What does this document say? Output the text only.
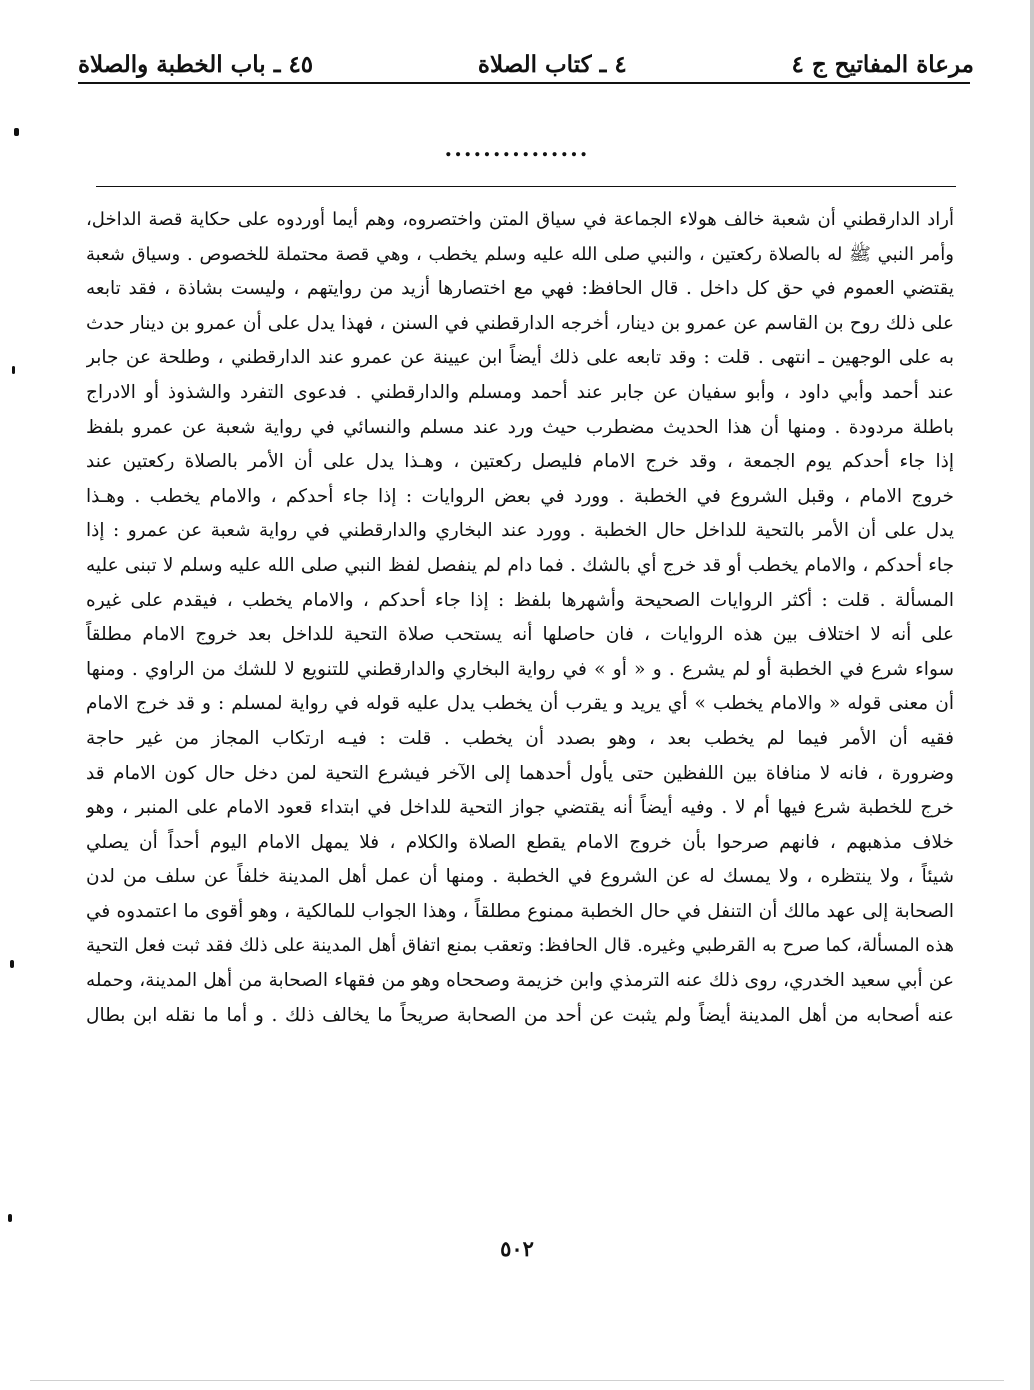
مرعاة المفاتيح ج ٤
٤ ـ كتاب الصلاة
٤٥ ـ باب الخطبة والصلاة
...............
أراد الدارقطني أن شعبة خالف هولاء الجماعة في سياق المتن واختصروه، وهم أيما أوردوه على حكاية قصة الداخل،
وأمر النبي ﷺ له بالصلاة ركعتين ، والنبي صلى الله عليه وسلم يخطب ، وهي قصة محتملة للخصوص . وسياق شعبة
يقتضي العموم في حق كل داخل . قال الحافظ: فهي مع اختصارها أزيد من روايتهم ، وليست بشاذة ، فقد تابعه
على ذلك روح بن القاسم عن عمرو بن دينار، أخرجه الدارقطني في السنن ، فهذا يدل على أن عمرو بن دينار حدث
به على الوجهين ـ انتهى . قلت : وقد تابعه على ذلك أيضاً ابن عيينة عن عمرو عند الدارقطني ، وطلحة عن جابر
عند أحمد وأبي داود ، وأبو سفيان عن جابر عند أحمد ومسلم والدارقطني . فدعوى التفرد والشذوذ أو الادراج
باطلة مردودة . ومنها أن هذا الحديث مضطرب حيث ورد عند مسلم والنسائي في رواية شعبة عن عمرو بلفظ
إذا جاء أحدكم يوم الجمعة ، وقد خرج الامام فليصل ركعتين ، وهـذا يدل على أن الأمر بالصلاة ركعتين عند
خروج الامام ، وقبل الشروع في الخطبة . وورد في بعض الروايات : إذا جاء أحدكم ، والامام يخطب . وهـذا
يدل على أن الأمر بالتحية للداخل حال الخطبة . وورد عند البخاري والدارقطني في رواية شعبة عن عمرو : إذا
جاء أحدكم ، والامام يخطب أو قد خرج أي بالشك . فما دام لم ينفصل لفظ النبي صلى الله عليه وسلم لا تبنى عليه
المسألة . قلت : أكثر الروايات الصحيحة وأشهرها بلفظ : إذا جاء أحدكم ، والامام يخطب ، فيقدم على غيره
على أنه لا اختلاف بين هذه الروايات ، فان حاصلها أنه يستحب صلاة التحية للداخل بعد خروج الامام مطلقاً
سواء شرع في الخطبة أو لم يشرع . و « أو » في رواية البخاري والدارقطني للتنويع لا للشك من الراوي . ومنها
أن معنى قوله « والامام يخطب » أي يريد و يقرب أن يخطب يدل عليه قوله في رواية لمسلم : و قد خرج الامام
فقيه أن الأمر فيما لم يخطب بعد ، وهو بصدد أن يخطب . قلت : فيـه ارتكاب المجاز من غير حاجة
وضرورة ، فانه لا منافاة بين اللفظين حتى يأول أحدهما إلى الآخر فيشرع التحية لمن دخل حال كون الامام قد
خرج للخطبة شرع فيها أم لا . وفيه أيضاً أنه يقتضي جواز التحية للداخل في ابتداء قعود الامام على المنبر ، وهو
خلاف مذهبهم ، فانهم صرحوا بأن خروج الامام يقطع الصلاة والكلام ، فلا يمهل الامام اليوم أحداً أن يصلي
شيئاً ، ولا ينتظره ، ولا يمسك له عن الشروع في الخطبة . ومنها أن عمل أهل المدينة خلفاً عن سلف من لدن
الصحابة إلى عهد مالك أن التنفل في حال الخطبة ممنوع مطلقاً ، وهذا الجواب للمالكية ، وهو أقوى ما اعتمدوه في
هذه المسألة، كما صرح به القرطبي وغيره. قال الحافظ: وتعقب بمنع اتفاق أهل المدينة على ذلك فقد ثبت فعل التحية
عن أبي سعيد الخدري، روى ذلك عنه الترمذي وابن خزيمة وصححاه وهو من فقهاء الصحابة من أهل المدينة، وحمله
عنه أصحابه من أهل المدينة أيضاً ولم يثبت عن أحد من الصحابة صريحاً ما يخالف ذلك . و أما ما نقله ابن بطال
٥٠٢
